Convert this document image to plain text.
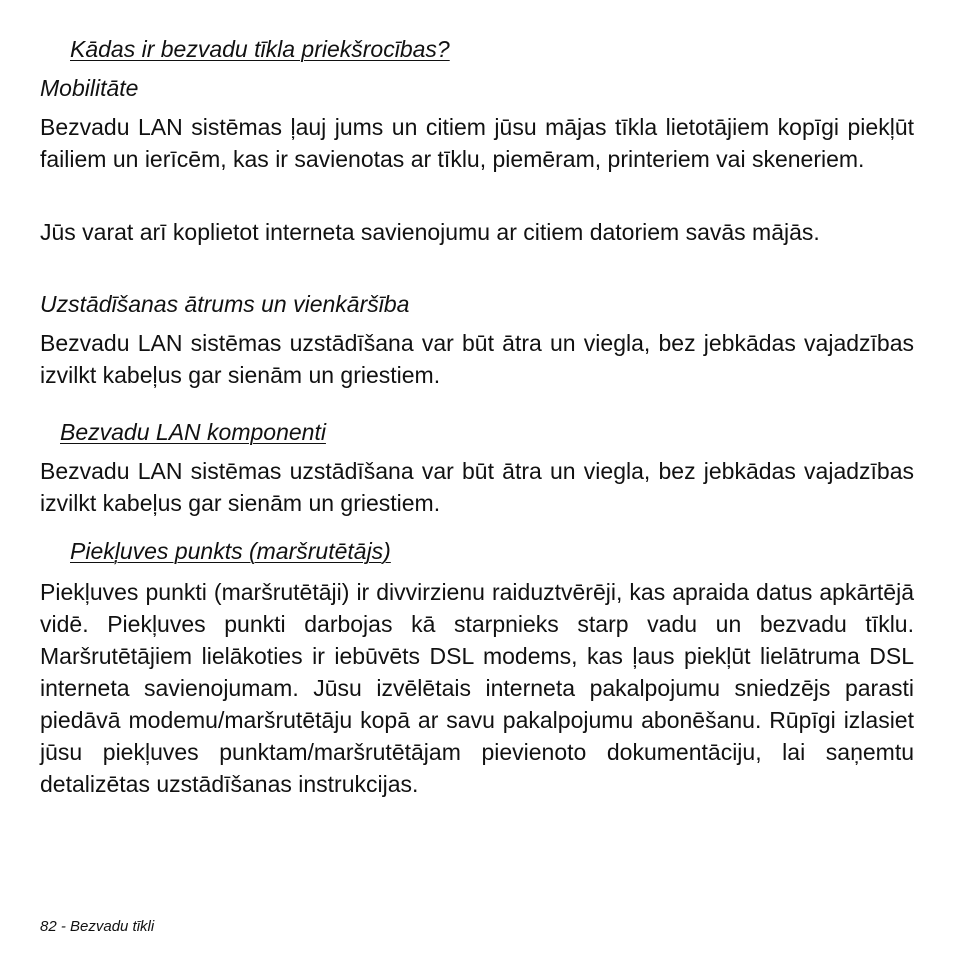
Kādas ir bezvadu tīkla priekšrocības?
Mobilitāte

Bezvadu LAN sistēmas ļauj jums un citiem jūsu mājas tīkla lietotājiem kopīgi piekļūt failiem un ierīcēm, kas ir savienotas ar tīklu, piemēram, printeriem vai skeneriem.

Jūs varat arī koplietot interneta savienojumu ar citiem datoriem savās mājās.

Uzstādīšanas ātrums un vienkāršība

Bezvadu LAN sistēmas uzstādīšana var būt ātra un viegla, bez jebkādas vajadzības izvilkt kabeļus gar sienām un griestiem.

Bezvadu LAN komponenti

Bezvadu LAN sistēmas uzstādīšana var būt ātra un viegla, bez jebkādas vajadzības izvilkt kabeļus gar sienām un griestiem.

Piekļuves punkts (maršrutētājs)

Piekļuves punkti (maršrutētāji) ir divvirzienu raiduztvērēji, kas apraida datus apkārtējā vidē. Piekļuves punkti darbojas kā starpnieks starp vadu un bezvadu tīklu. Maršrutētājiem lielākoties ir iebūvēts DSL modems, kas ļaus piekļūt lielātruma DSL interneta savienojumam. Jūsu izvēlētais interneta pakalpojumu sniedzējs parasti piedāvā modemu/maršrutētāju kopā ar savu pakalpojumu abonēšanu. Rūpīgi izlasiet jūsu piekļuves punktam/maršrutētājam pievienoto dokumentāciju, lai saņemtu detalizētas uzstādīšanas instrukcijas.

82 - Bezvadu tīkli
